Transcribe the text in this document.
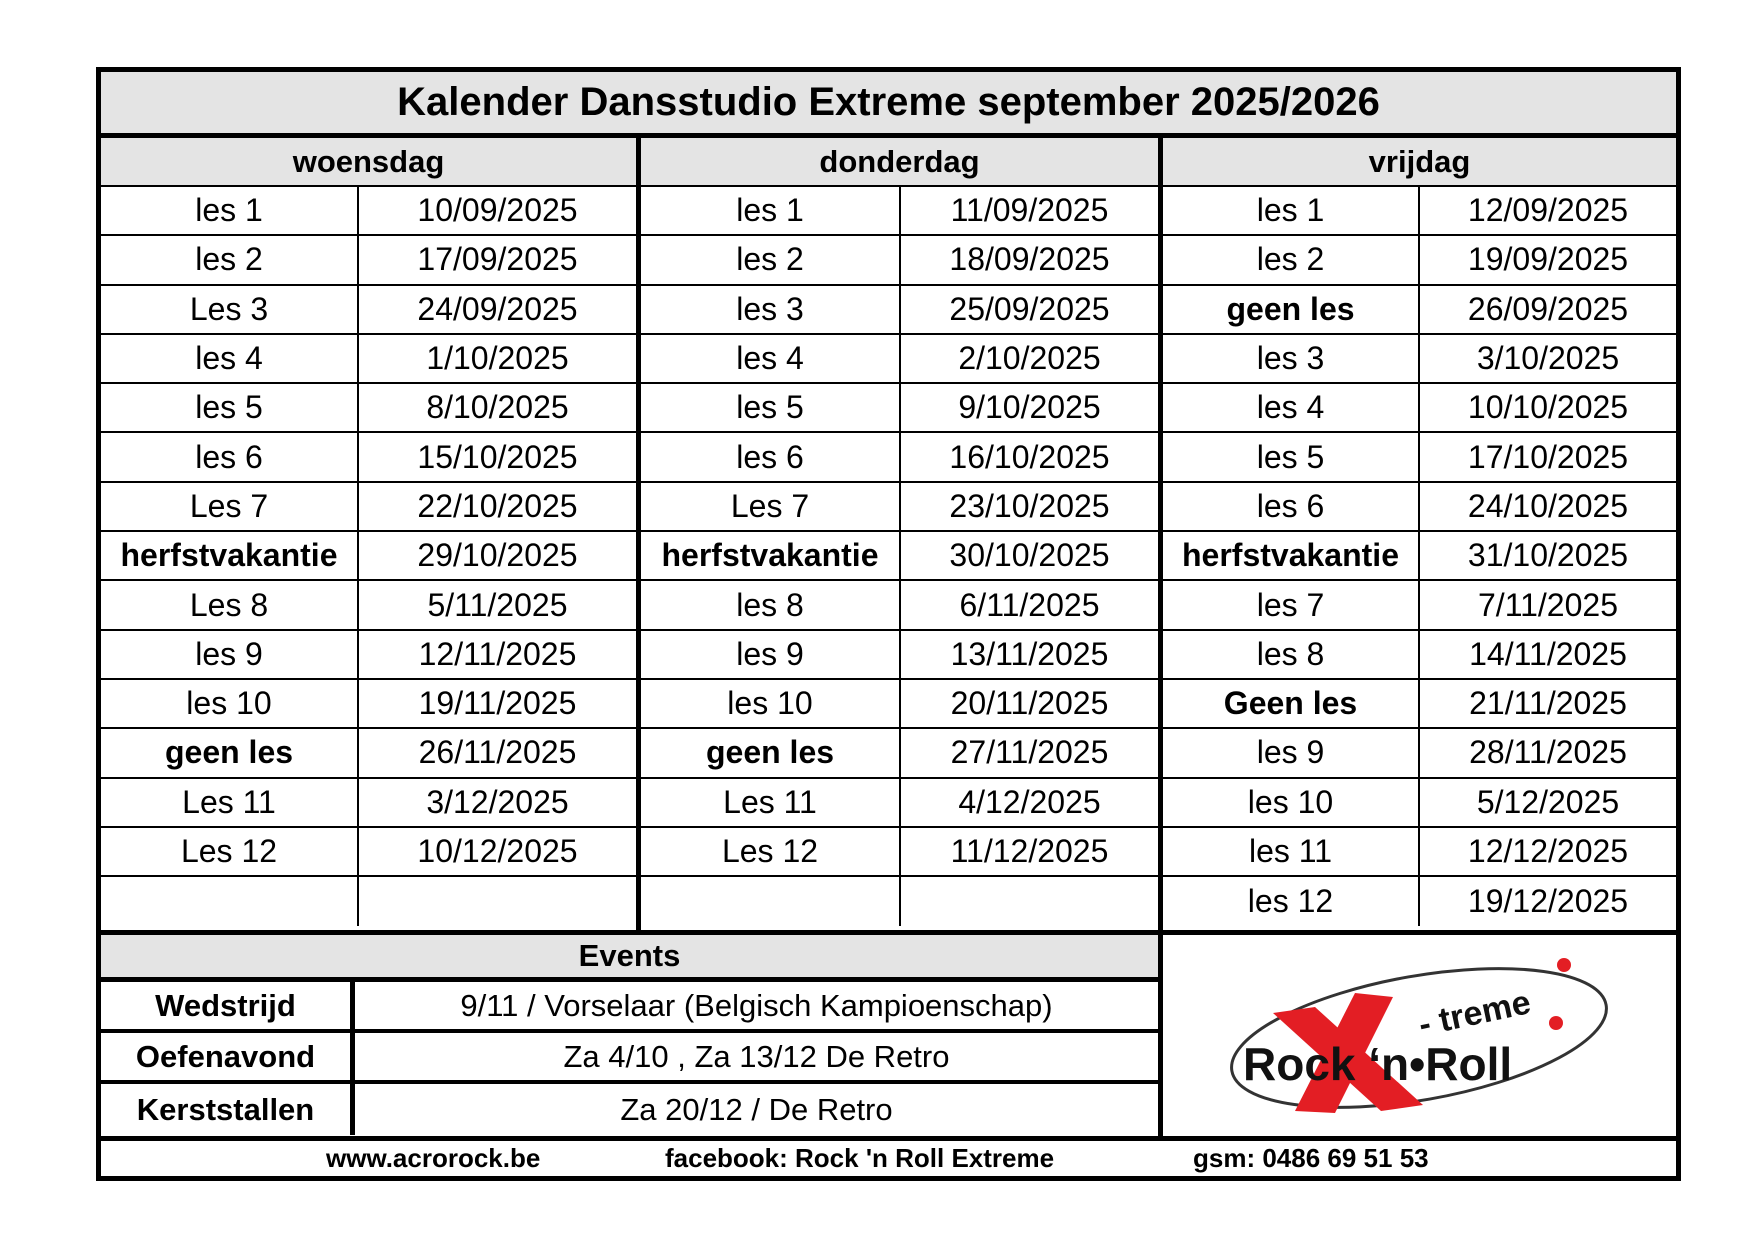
Kalender Dansstudio Extreme september 2025/2026
woensdag
les 1	10/09/2025
les 2	17/09/2025
Les 3	24/09/2025
les 4	1/10/2025
les 5	8/10/2025
les 6	15/10/2025
Les 7	22/10/2025
herfstvakantie	29/10/2025
Les 8	5/11/2025
les 9	12/11/2025
les 10	19/11/2025
geen les	26/11/2025
Les 11	3/12/2025
Les 12	10/12/2025
donderdag
les 1	11/09/2025
les 2	18/09/2025
les 3	25/09/2025
les 4	2/10/2025
les 5	9/10/2025
les 6	16/10/2025
Les 7	23/10/2025
herfstvakantie	30/10/2025
les 8	6/11/2025
les 9	13/11/2025
les 10	20/11/2025
geen les	27/11/2025
Les 11	4/12/2025
Les 12	11/12/2025
vrijdag
les 1	12/09/2025
les 2	19/09/2025
geen les	26/09/2025
les 3	3/10/2025
les 4	10/10/2025
les 5	17/10/2025
les 6	24/10/2025
herfstvakantie	31/10/2025
les 7	7/11/2025
les 8	14/11/2025
Geen les	21/11/2025
les 9	28/11/2025
les 10	5/12/2025
les 11	12/12/2025
les 12	19/12/2025
Events
Wedstrijd	9/11 / Vorselaar (Belgisch Kampioenschap)
Oefenavond	Za 4/10 , Za 13/12 De Retro
Kerststallen	Za 20/12 / De Retro
- treme
Rock ‘n•Roll
www.acrorock.be	facebook: Rock 'n Roll Extreme	gsm: 0486 69 51 53
